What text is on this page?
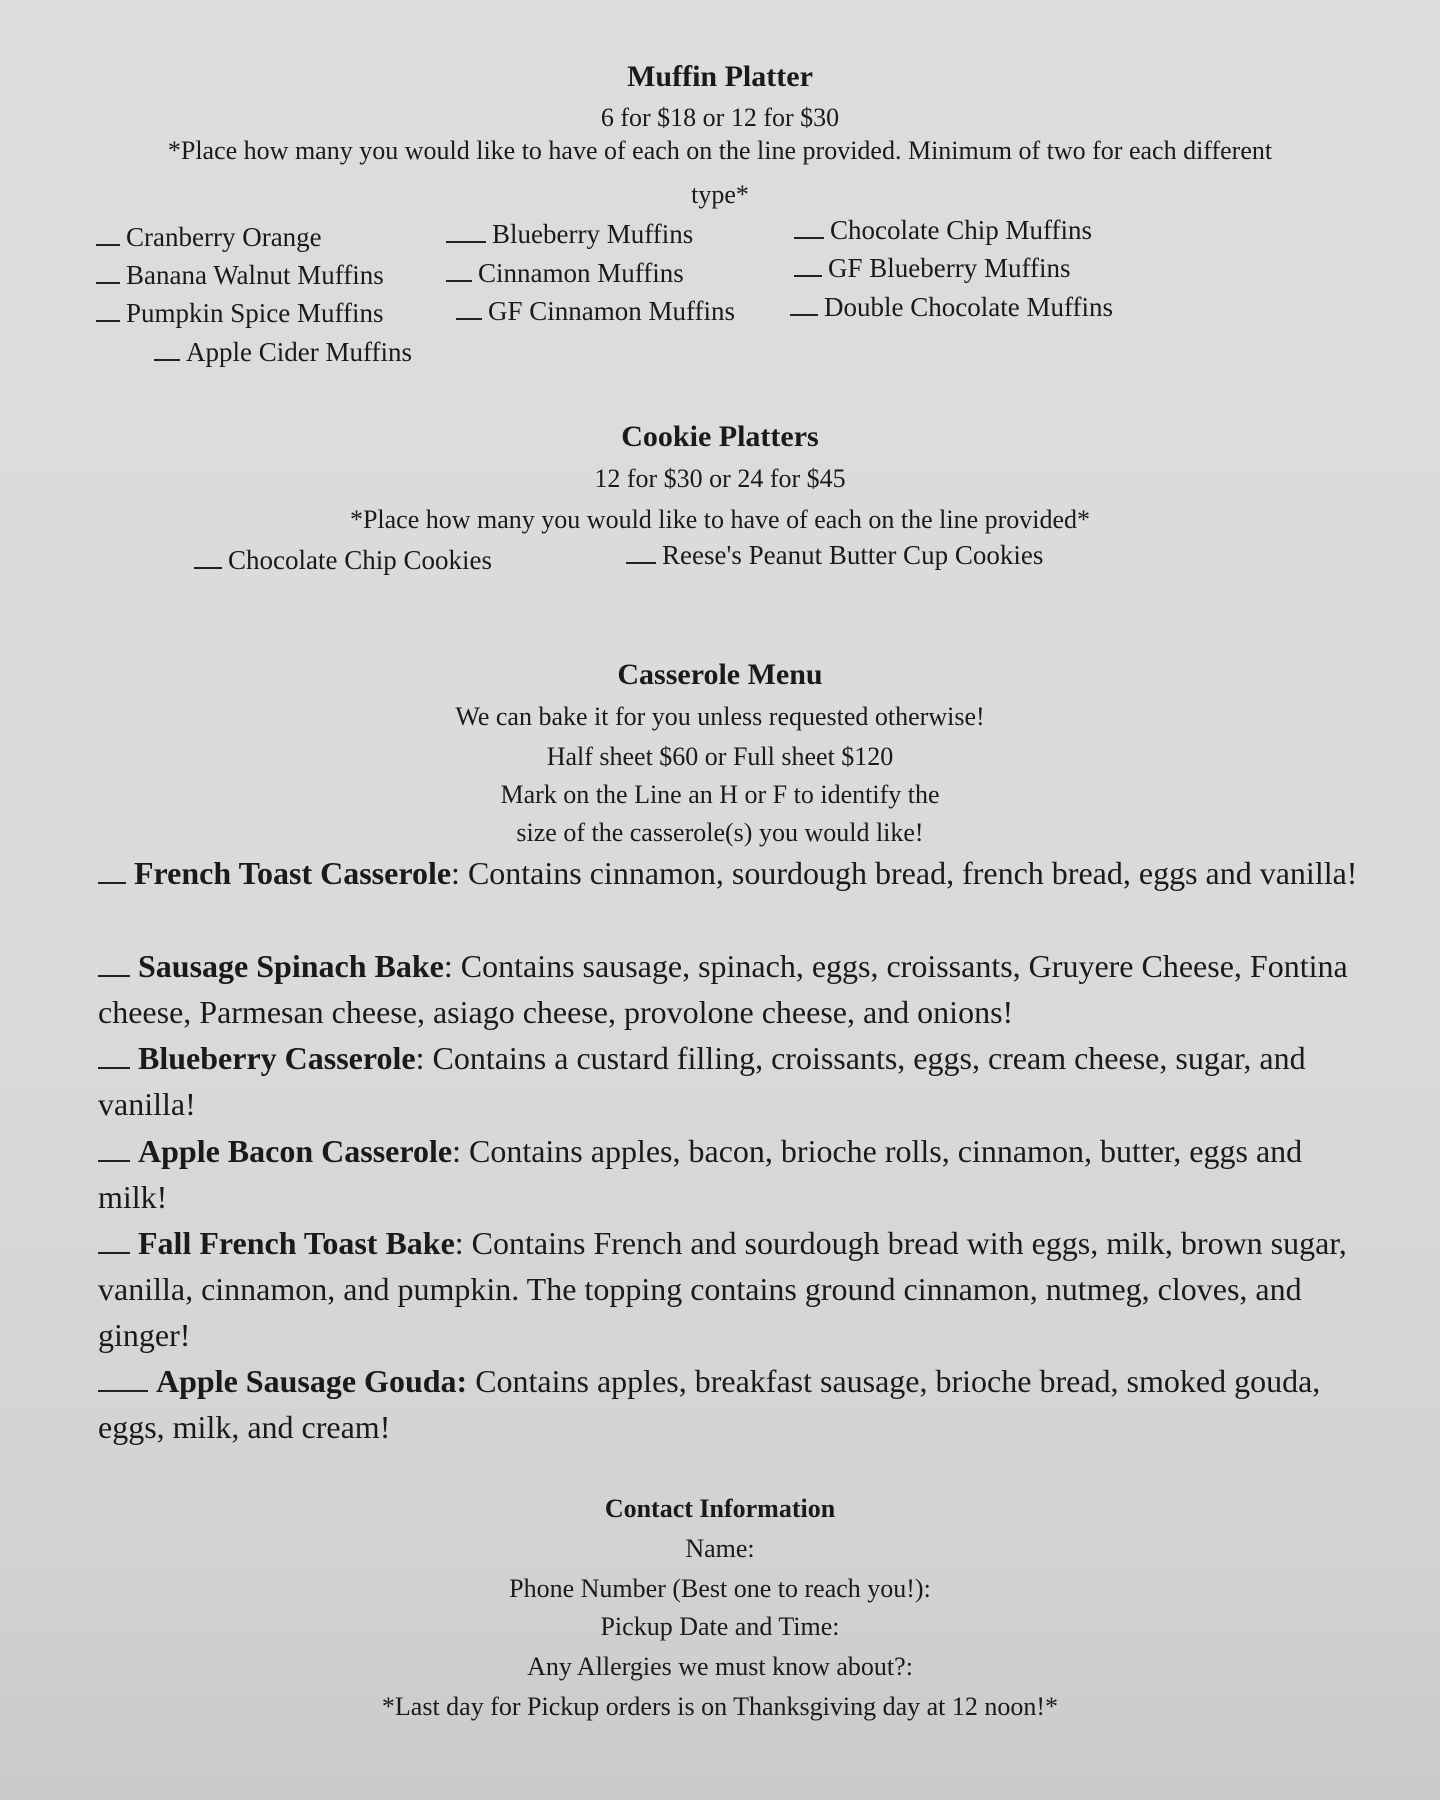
Muffin Platter
6 for $18 or 12 for $30
*Place how many you would like to have of each on the line provided. Minimum of two for each different
type*
Cranberry Orange	Blueberry Muffins	Chocolate Chip Muffins
Banana Walnut Muffins	Cinnamon Muffins	GF Blueberry Muffins
Pumpkin Spice Muffins	GF Cinnamon Muffins	Double Chocolate Muffins
Apple Cider Muffins
Cookie Platters
12 for $30 or 24 for $45
*Place how many you would like to have of each on the line provided*
Chocolate Chip Cookies	Reese's Peanut Butter Cup Cookies
Casserole Menu
We can bake it for you unless requested otherwise!
Half sheet $60 or Full sheet $120
Mark on the Line an H or F to identify the
size of the casserole(s) you would like!
French Toast Casserole: Contains cinnamon, sourdough bread, french bread, eggs and vanilla!
Sausage Spinach Bake: Contains sausage, spinach, eggs, croissants, Gruyere Cheese, Fontina cheese, Parmesan cheese, asiago cheese, provolone cheese, and onions!
Blueberry Casserole: Contains a custard filling, croissants, eggs, cream cheese, sugar, and vanilla!
Apple Bacon Casserole: Contains apples, bacon, brioche rolls, cinnamon, butter, eggs and milk!
Fall French Toast Bake: Contains French and sourdough bread with eggs, milk, brown sugar, vanilla, cinnamon, and pumpkin. The topping contains ground cinnamon, nutmeg, cloves, and ginger!
Apple Sausage Gouda: Contains apples, breakfast sausage, brioche bread, smoked gouda, eggs, milk, and cream!
Contact Information
Name:
Phone Number (Best one to reach you!):
Pickup Date and Time:
Any Allergies we must know about?:
*Last day for Pickup orders is on Thanksgiving day at 12 noon!*
